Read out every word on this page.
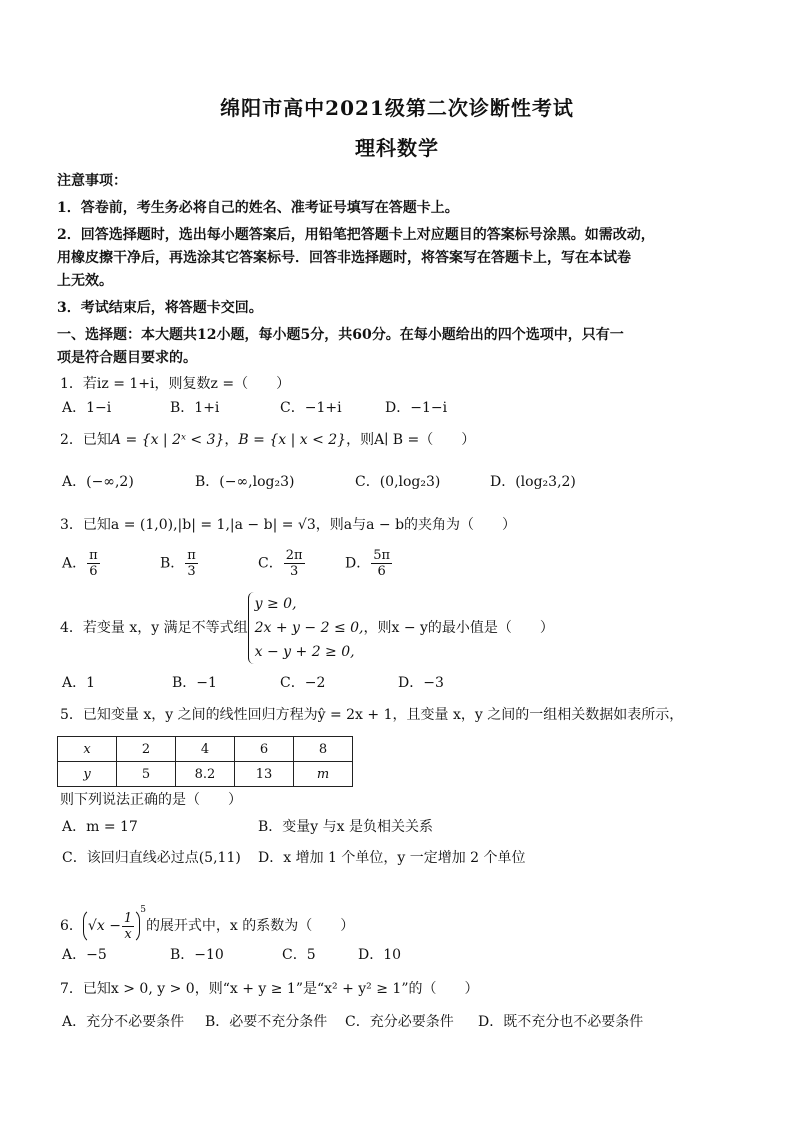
绵阳市高中2021级第二次诊断性考试
理科数学
注意事项：
1．答卷前，考生务必将自己的姓名、准考证号填写在答题卡上。
2．回答选择题时，选出每小题答案后，用铅笔把答题卡上对应题目的答案标号涂黑。如需改动，
用橡皮擦干净后，再选涂其它答案标号．回答非选择题时，将答案写在答题卡上，写在本试卷
上无效。
3．考试结束后，将答题卡交回。
一、选择题：本大题共12小题，每小题5分，共60分。在每小题给出的四个选项中，只有一
项是符合题目要求的。
1．若iz = 1+i，则复数z =（　　）
A．1−i	B．1+i	C．−1+i	D．−1−i
2．已知A = {x | 2ˣ < 3}，B = {x | x < 2}，则A∣ B =（　　）
A．(−∞,2)	B．(−∞,log₂3)	C．(0,log₂3)	D．(log₂3,2)
3．已知a = (1,0),|b| = 1,|a − b| = √3，则a与a − b的夹角为（　　）
A． $\frac{\pi}{6}$	B． $\frac{\pi}{3}$	C． $\frac{2\pi}{3}$	D． $\frac{5\pi}{6}$
4．若变量 x，y 满足不等式组
y ≥ 0,
2x + y − 2 ≤ 0,
x − y + 2 ≥ 0,
，则x − y的最小值是（　　）
A．1	B．−1	C．−2	D．−3
5．已知变量 x，y 之间的线性回归方程为ŷ = 2x + 1，且变量 x，y 之间的一组相关数据如表所示，
x	2	4	6	8
y	5	8.2	13	m
则下列说法正确的是（　　）
A．m = 17	B．变量y 与x 是负相关关系
C．该回归直线必过点(5,11) D．x 增加 1 个单位，y 一定增加 2 个单位
6． $√x - \frac{1}{x}$
$^5$的展开式中，x 的系数为（　　）
A．−5	B．−10	C．5	D．10
7．已知x > 0, y > 0，则“x + y ≥ 1”是“x² + y² ≥ 1”的（　　）
A．充分不必要条件 B．必要不充分条件 C．充分必要条件 D．既不充分也不必要条件
